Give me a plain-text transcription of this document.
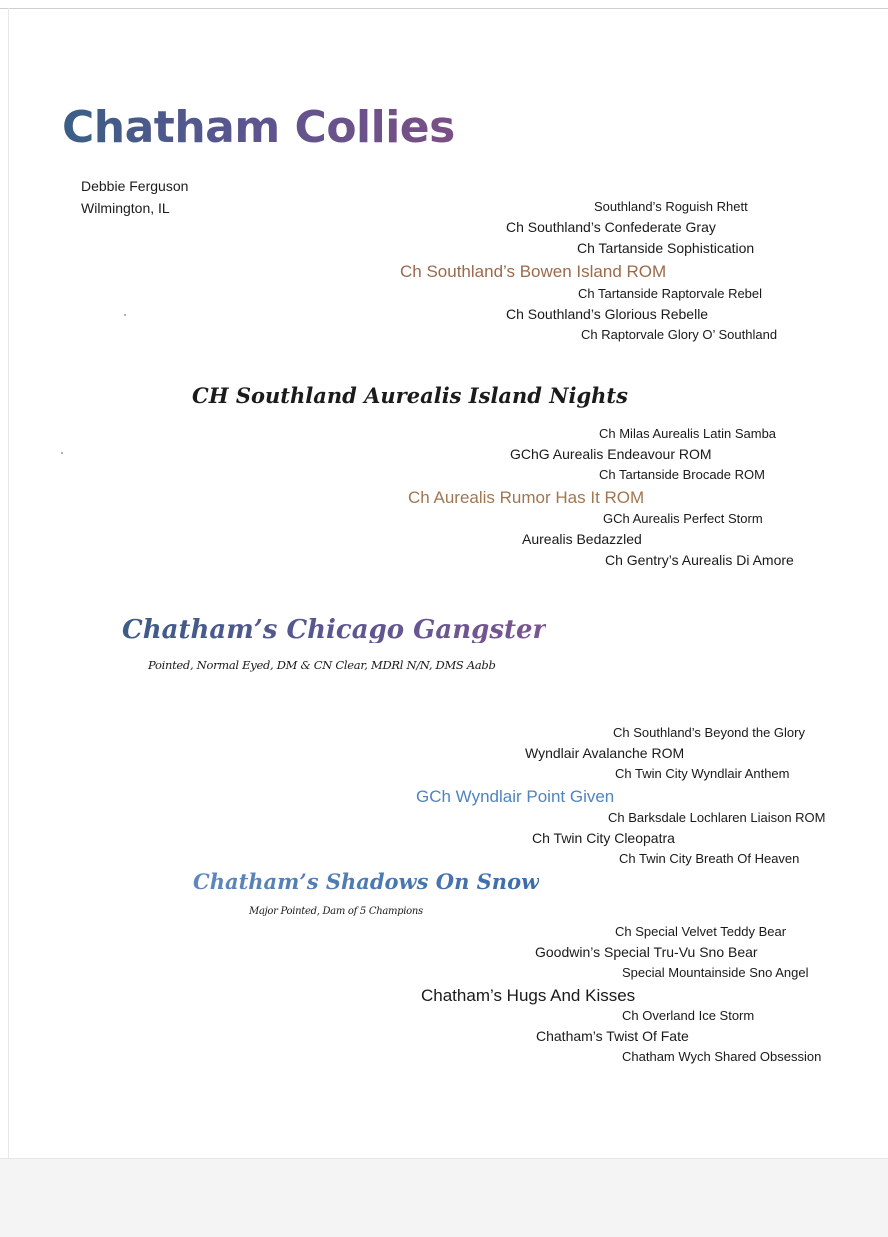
Chatham Collies
Debbie Ferguson
Wilmington, IL	Southland’s Roguish Rhett
Ch Southland’s Confederate Gray
Ch Tartanside Sophistication
Ch Southland’s Bowen Island ROM
Ch Tartanside Raptorvale Rebel
Ch Southland’s Glorious Rebelle
Ch Raptorvale Glory O’ Southland
CH Southland Aurealis Island Nights
Ch Milas Aurealis Latin Samba
GChG Aurealis Endeavour ROM
Ch Tartanside Brocade ROM
Ch Aurealis Rumor Has It ROM
GCh Aurealis Perfect Storm
Aurealis Bedazzled
Ch Gentry’s Aurealis Di Amore
Chatham’s Chicago Gangster
Pointed, Normal Eyed, DM & CN Clear, MDRl N/N, DMS Aabb
Ch Southland’s Beyond the Glory
Wyndlair Avalanche ROM
Ch Twin City Wyndlair Anthem
GCh Wyndlair Point Given
Ch Barksdale Lochlaren Liaison ROM
Ch Twin City Cleopatra
Ch Twin City Breath Of Heaven
Chatham’s Shadows On Snow
Major Pointed, Dam of 5 Champions
Ch Special Velvet Teddy Bear
Goodwin’s Special Tru-Vu Sno Bear
Special Mountainside Sno Angel
Chatham’s Hugs And Kisses
Ch Overland Ice Storm
Chatham’s Twist Of Fate
Chatham Wych Shared Obsession
